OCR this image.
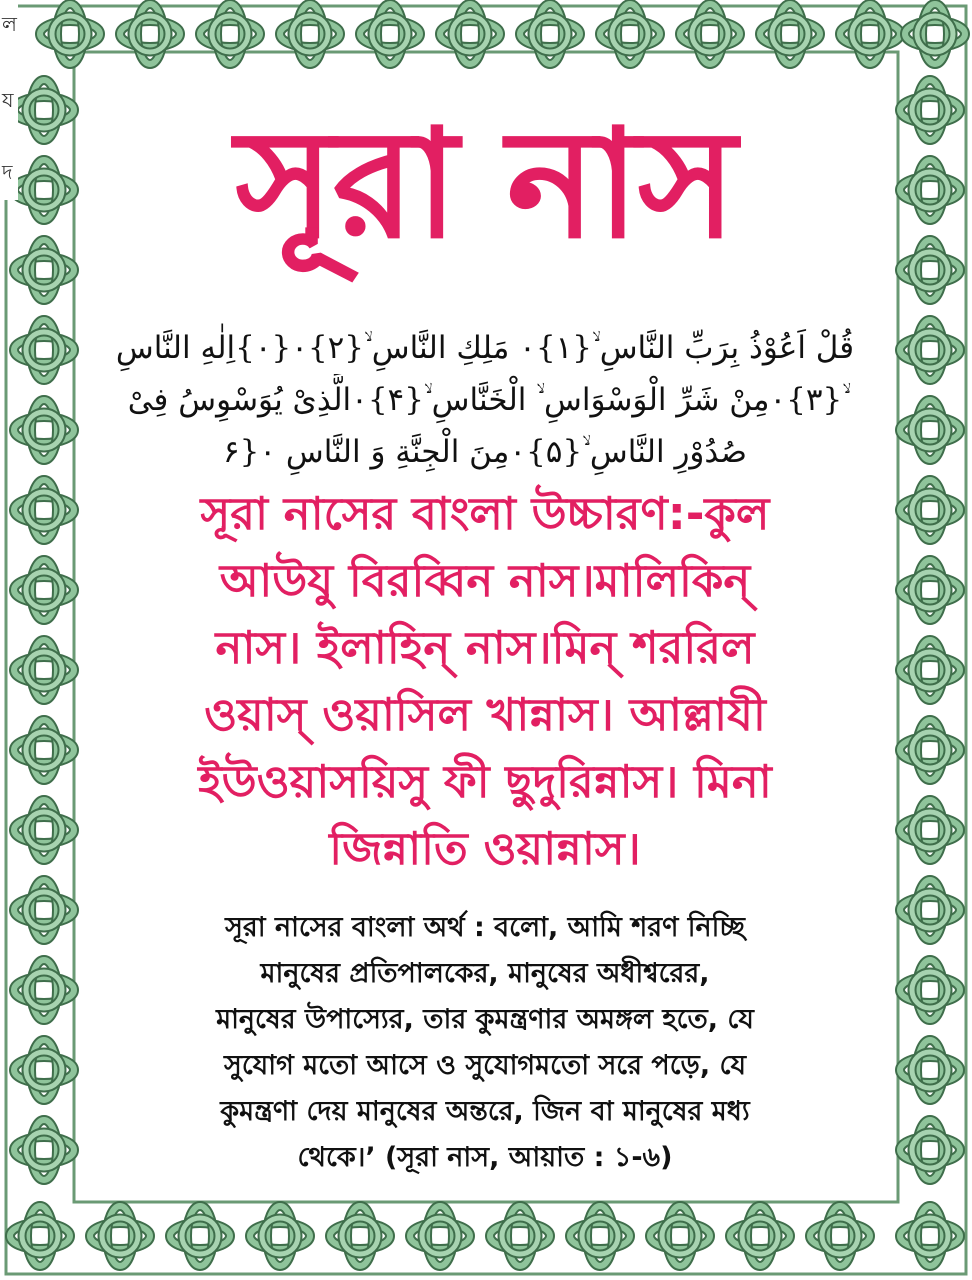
ল
য
দ	সূরা নাস
قُلْ اَعُوْذُ بِرَبِّ النَّاسِ ۙ{۱}۰ مَلِكِ النَّاسِ ۙ{۲}۰{۰}اِلٰهِ النَّاسِ
ۙ{۳}۰مِنْ شَرِّ الْوَسْوَاسِ ۙ الْخَنَّاسِ ۙ{۴}۰الَّذِیْ یُوَسْوِسُ فِیْ
صُدُوْرِ النَّاسِ ۙ{۵}۰مِنَ الْجِنَّةِ وَ النَّاسِ ۰{۶
সূরা নাসের বাংলা উচ্চারণ:-কুল
আউযু বিরব্বিন নাস।মালিকিন্
নাস। ইলাহিন্ নাস।মিন্ শররিল
ওয়াস্ ওয়াসিল খান্নাস। আল্লাযী
ইউওয়াসয়িসু ফী ছুদুরিন্নাস। মিনা
জিন্নাতি ওয়ান্নাস।
সূরা নাসের বাংলা অর্থ : বলো, আমি শরণ নিচ্ছি
মানুষের প্রতিপালকের, মানুষের অধীশ্বরের,
মানুষের উপাস্যের, তার কুমন্ত্রণার অমঙ্গল হতে, যে
সুযোগ মতো আসে ও সুযোগমতো সরে পড়ে, যে
কুমন্ত্রণা দেয় মানুষের অন্তরে, জিন বা মানুষের মধ্য
থেকে।’ (সূরা নাস, আয়াত : ১-৬)
